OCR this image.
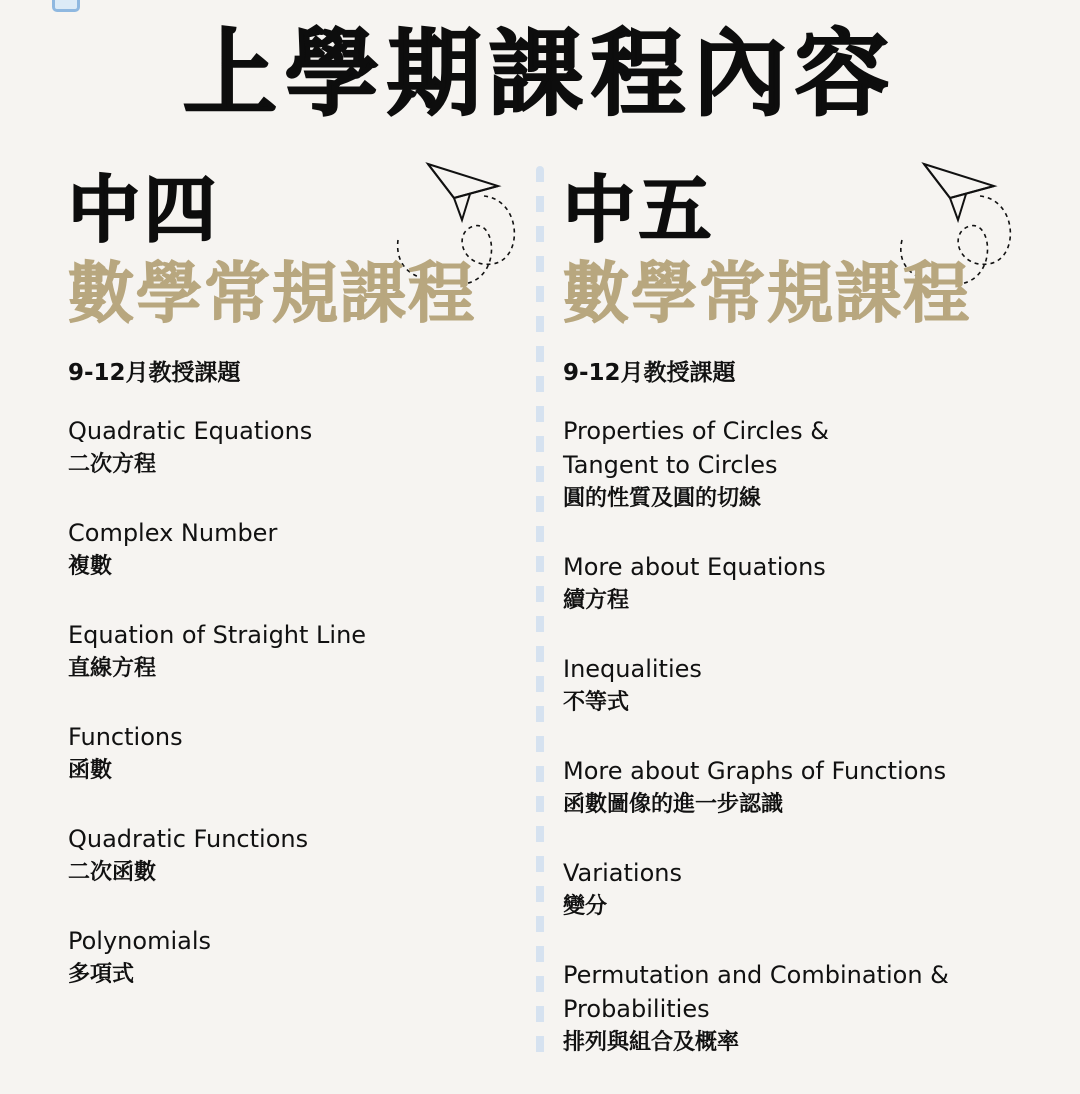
上學期課程內容
中四
數學常規課程
9-12月教授課題
Quadratic Equations
二次方程
Complex Number
複數
Equation of Straight Line
直線方程
Functions
函數
Quadratic Functions
二次函數
Polynomials
多項式
中五
數學常規課程
9-12月教授課題
Properties of Circles &
Tangent to Circles
圓的性質及圓的切線
More about Equations
續方程
Inequalities
不等式
More about Graphs of Functions
函數圖像的進一步認識
Variations
變分
Permutation and Combination &
Probabilities
排列與組合及概率
